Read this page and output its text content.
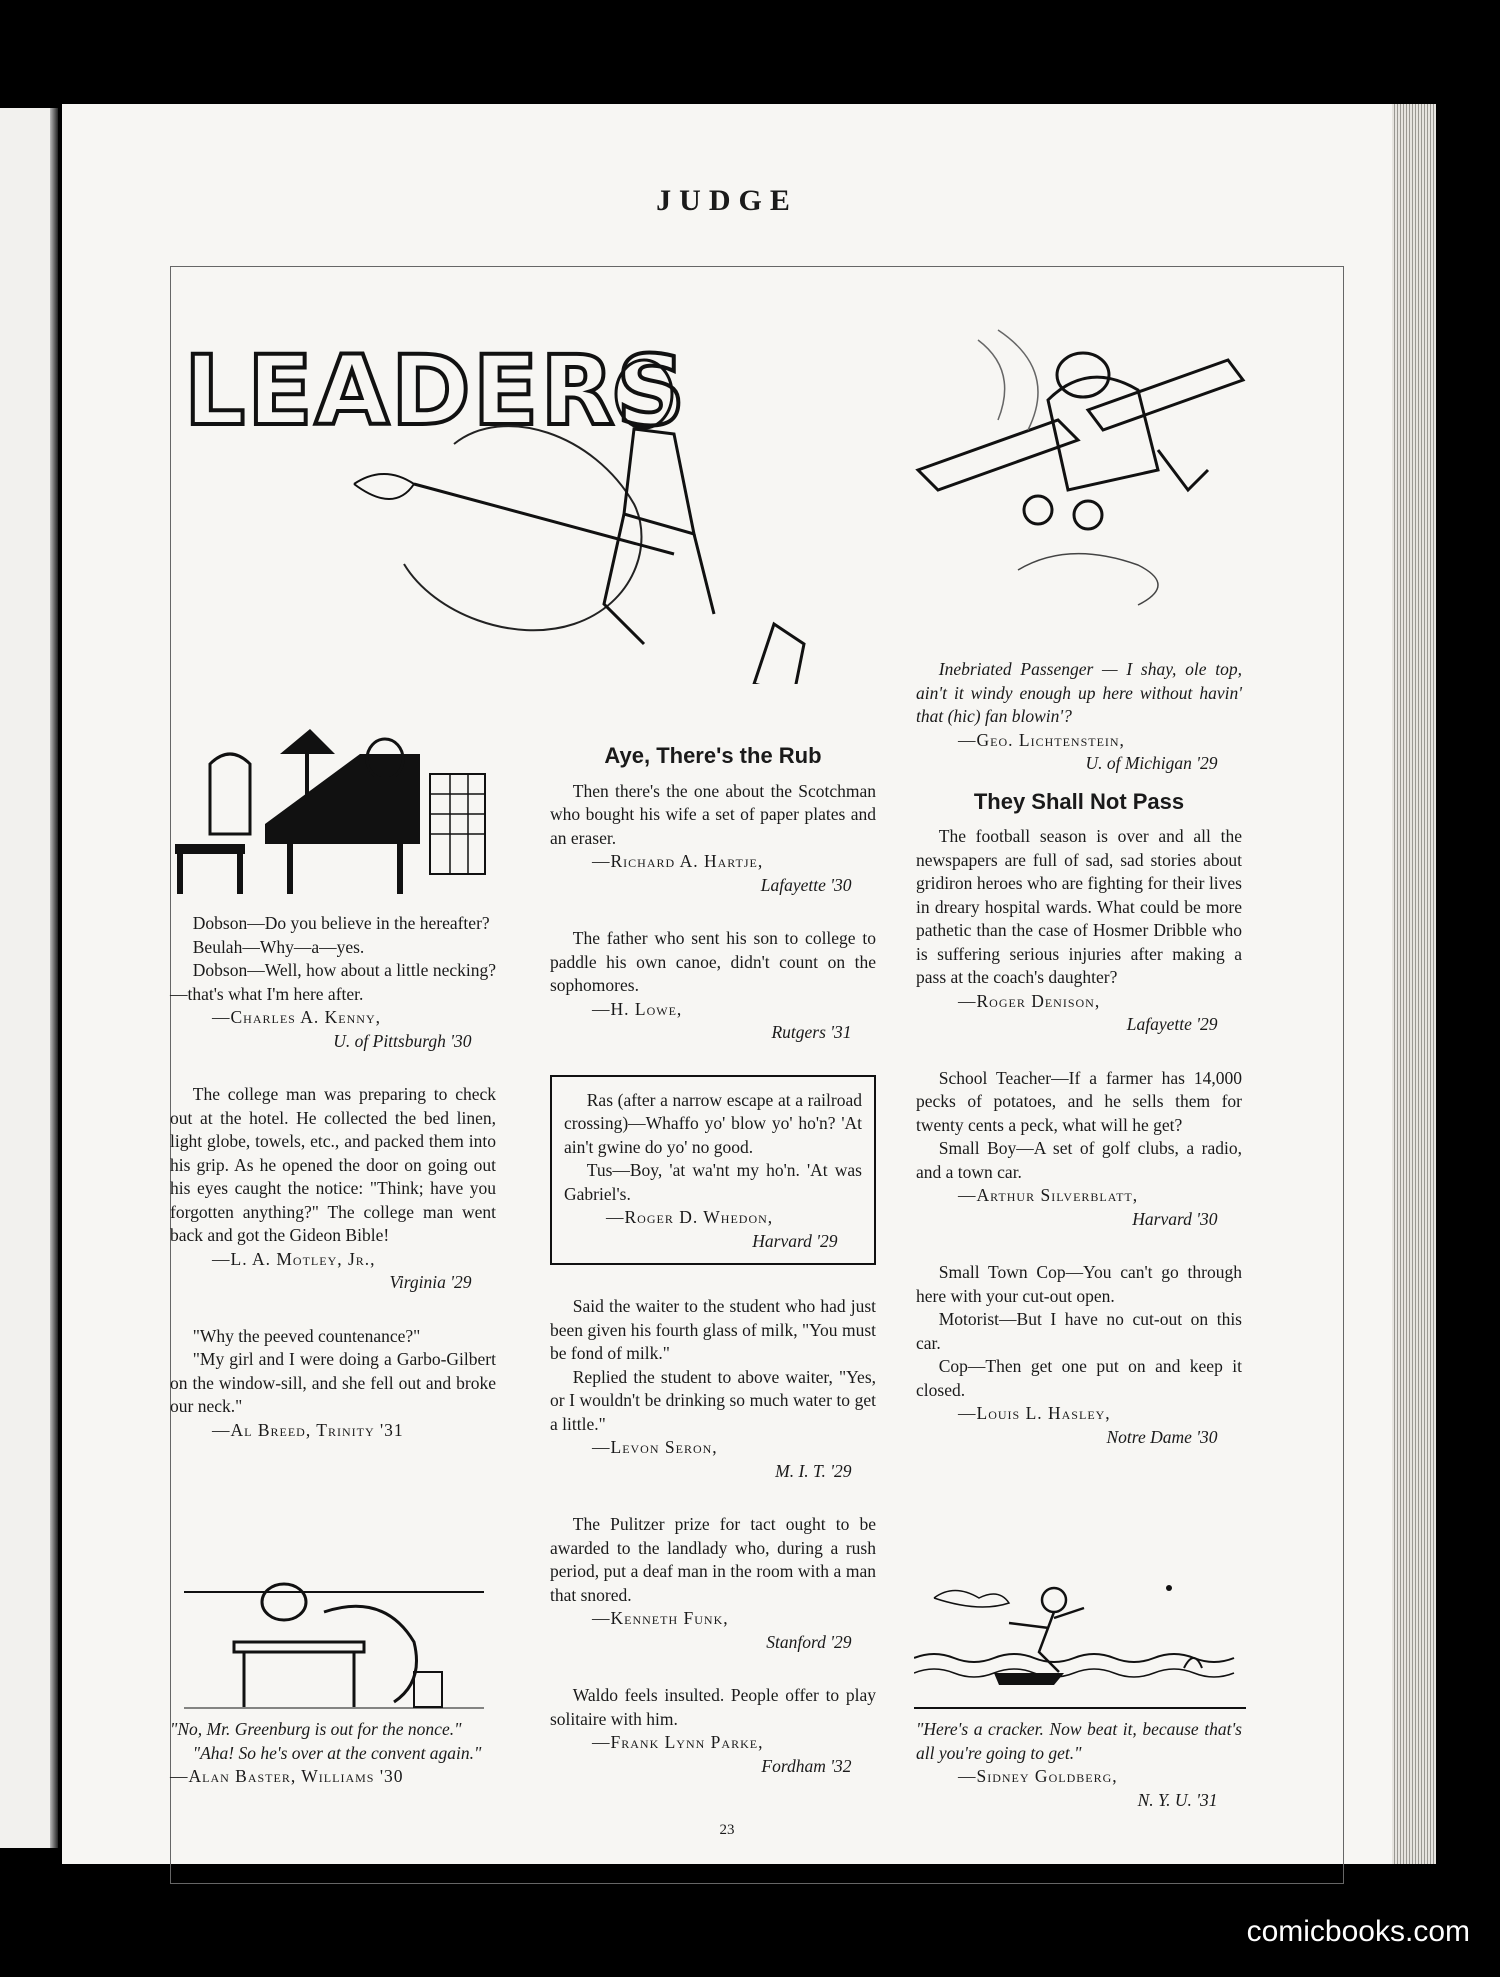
JUDGE
LEADERS

Dobson—Do you believe in the hereafter?

Beulah—Why—a—yes.

Dobson—Well, how about a little necking?—that's what I'm here after.

—Charles A. Kenny,

U. of Pittsburgh '30

The college man was preparing to check out at the hotel. He collected the bed linen, light globe, towels, etc., and packed them into his grip. As he opened the door on going out his eyes caught the notice: "Think; have you forgotten anything?" The college man went back and got the Gideon Bible!

—L. A. Motley, Jr.,

Virginia '29

"Why the peeved countenance?"

"My girl and I were doing a Garbo-Gilbert on the window-sill, and she fell out and broke our neck."

—Al Breed, Trinity '31

"No, Mr. Greenburg is out for the nonce."

"Aha! So he's over at the convent again."

—Alan Baster, Williams '30

Aye, There's the Rub

Then there's the one about the Scotchman who bought his wife a set of paper plates and an eraser.

—Richard A. Hartje,

Lafayette '30

The father who sent his son to college to paddle his own canoe, didn't count on the sophomores.

—H. Lowe,

Rutgers '31

Ras (after a narrow escape at a railroad crossing)—Whaffo yo' blow yo' ho'n? 'At ain't gwine do yo' no good.

Tus—Boy, 'at wa'nt my ho'n. 'At was Gabriel's.

—Roger D. Whedon,

Harvard '29

Said the waiter to the student who had just been given his fourth glass of milk, "You must be fond of milk."

Replied the student to above waiter, "Yes, or I wouldn't be drinking so much water to get a little."

—Levon Seron,

M. I. T. '29

The Pulitzer prize for tact ought to be awarded to the landlady who, during a rush period, put a deaf man in the room with a man that snored.

—Kenneth Funk,

Stanford '29

Waldo feels insulted. People offer to play solitaire with him.

—Frank Lynn Parke,

Fordham '32

Inebriated Passenger — I shay, ole top, ain't it windy enough up here without havin' that (hic) fan blowin'?

—Geo. Lichtenstein,

U. of Michigan '29

They Shall Not Pass

The football season is over and all the newspapers are full of sad, sad stories about gridiron heroes who are fighting for their lives in dreary hospital wards. What could be more pathetic than the case of Hosmer Dribble who is suffering serious injuries after making a pass at the coach's daughter?

—Roger Denison,

Lafayette '29

School Teacher—If a farmer has 14,000 pecks of potatoes, and he sells them for twenty cents a peck, what will he get?

Small Boy—A set of golf clubs, a radio, and a town car.

—Arthur Silverblatt,

Harvard '30

Small Town Cop—You can't go through here with your cut-out open.

Motorist—But I have no cut-out on this car.

Cop—Then get one put on and keep it closed.

—Louis L. Hasley,

Notre Dame '30

"Here's a cracker. Now beat it, because that's all you're going to get."

—Sidney Goldberg,

N. Y. U. '31

23
comicbooks.com
